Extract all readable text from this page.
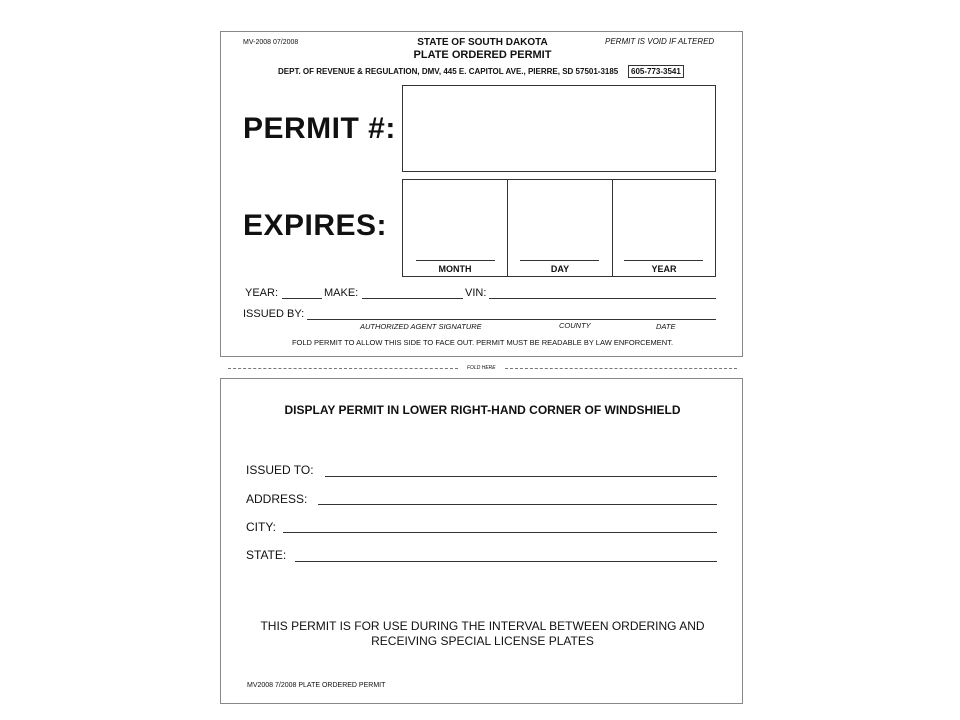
MV-2008 07/2008	PERMIT IS VOID IF ALTERED
STATE OF SOUTH DAKOTA
PLATE ORDERED PERMIT
DEPT. OF REVENUE & REGULATION, DMV, 445 E. CAPITOL AVE., PIERRE, SD 57501-3185	605-773-3541
PERMIT #:
EXPIRES:
MONTH	DAY	YEAR
YEAR:	MAKE:	VIN:
ISSUED BY:
AUTHORIZED AGENT SIGNATURE	COUNTY	DATE
FOLD PERMIT TO ALLOW THIS SIDE TO FACE OUT. PERMIT MUST BE READABLE BY LAW ENFORCEMENT.
FOLD HERE
DISPLAY PERMIT IN LOWER RIGHT-HAND CORNER OF WINDSHIELD
ISSUED TO:
ADDRESS:
CITY:
STATE:
THIS PERMIT IS FOR USE DURING THE INTERVAL BETWEEN ORDERING AND
RECEIVING SPECIAL LICENSE PLATES
MV2008 7/2008 PLATE ORDERED PERMIT
